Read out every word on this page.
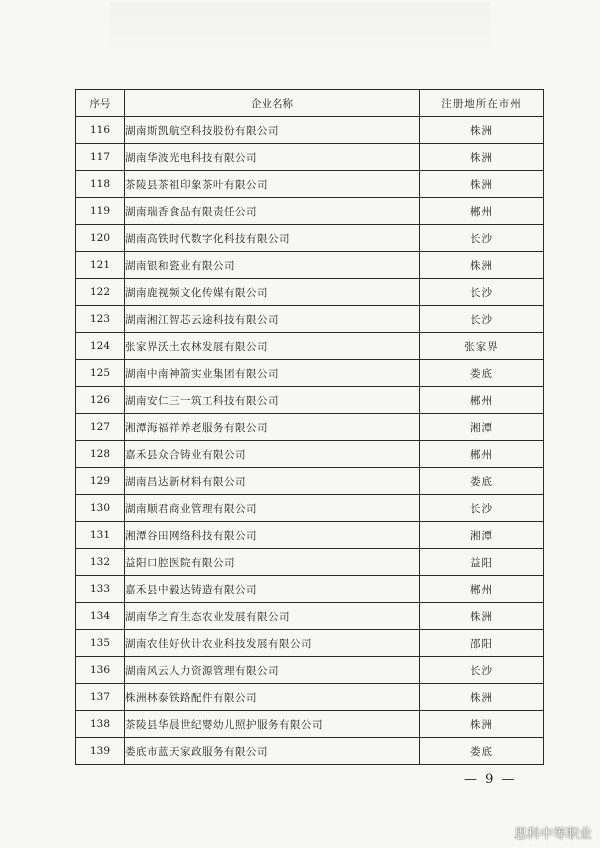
序号	企业名称	注册地所在市州
116	湖南斯凯航空科技股份有限公司	株洲
117	湖南华波光电科技有限公司	株洲
118	茶陵县茶祖印象茶叶有限公司	株洲
119	湖南瑞香食品有限责任公司	郴州
120	湖南高铁时代数字化科技有限公司	长沙
121	湖南银和瓷业有限公司	株洲
122	湖南鹿视频文化传媒有限公司	长沙
123	湖南湘江智芯云途科技有限公司	长沙
124	张家界沃土农林发展有限公司	张家界
125	湖南中南神箭实业集团有限公司	娄底
126	湖南安仁三一筑工科技有限公司	郴州
127	湘潭海福祥养老服务有限公司	湘潭
128	嘉禾县众合铸业有限公司	郴州
129	湖南昌达新材料有限公司	娄底
130	湖南顺君商业管理有限公司	长沙
131	湘潭谷田网络科技有限公司	湘潭
132	益阳口腔医院有限公司	益阳
133	嘉禾县中毅达铸造有限公司	郴州
134	湖南华之育生态农业发展有限公司	株洲
135	湖南农佳好伙计农业科技发展有限公司	邵阳
136	湖南风云人力资源管理有限公司	长沙
137	株洲林泰铁路配件有限公司	株洲
138	茶陵县华晨世纪婴幼儿照护服务有限公司	株洲
139	娄底市蓝天家政服务有限公司	娄底
— 9 —
思科中等职业
